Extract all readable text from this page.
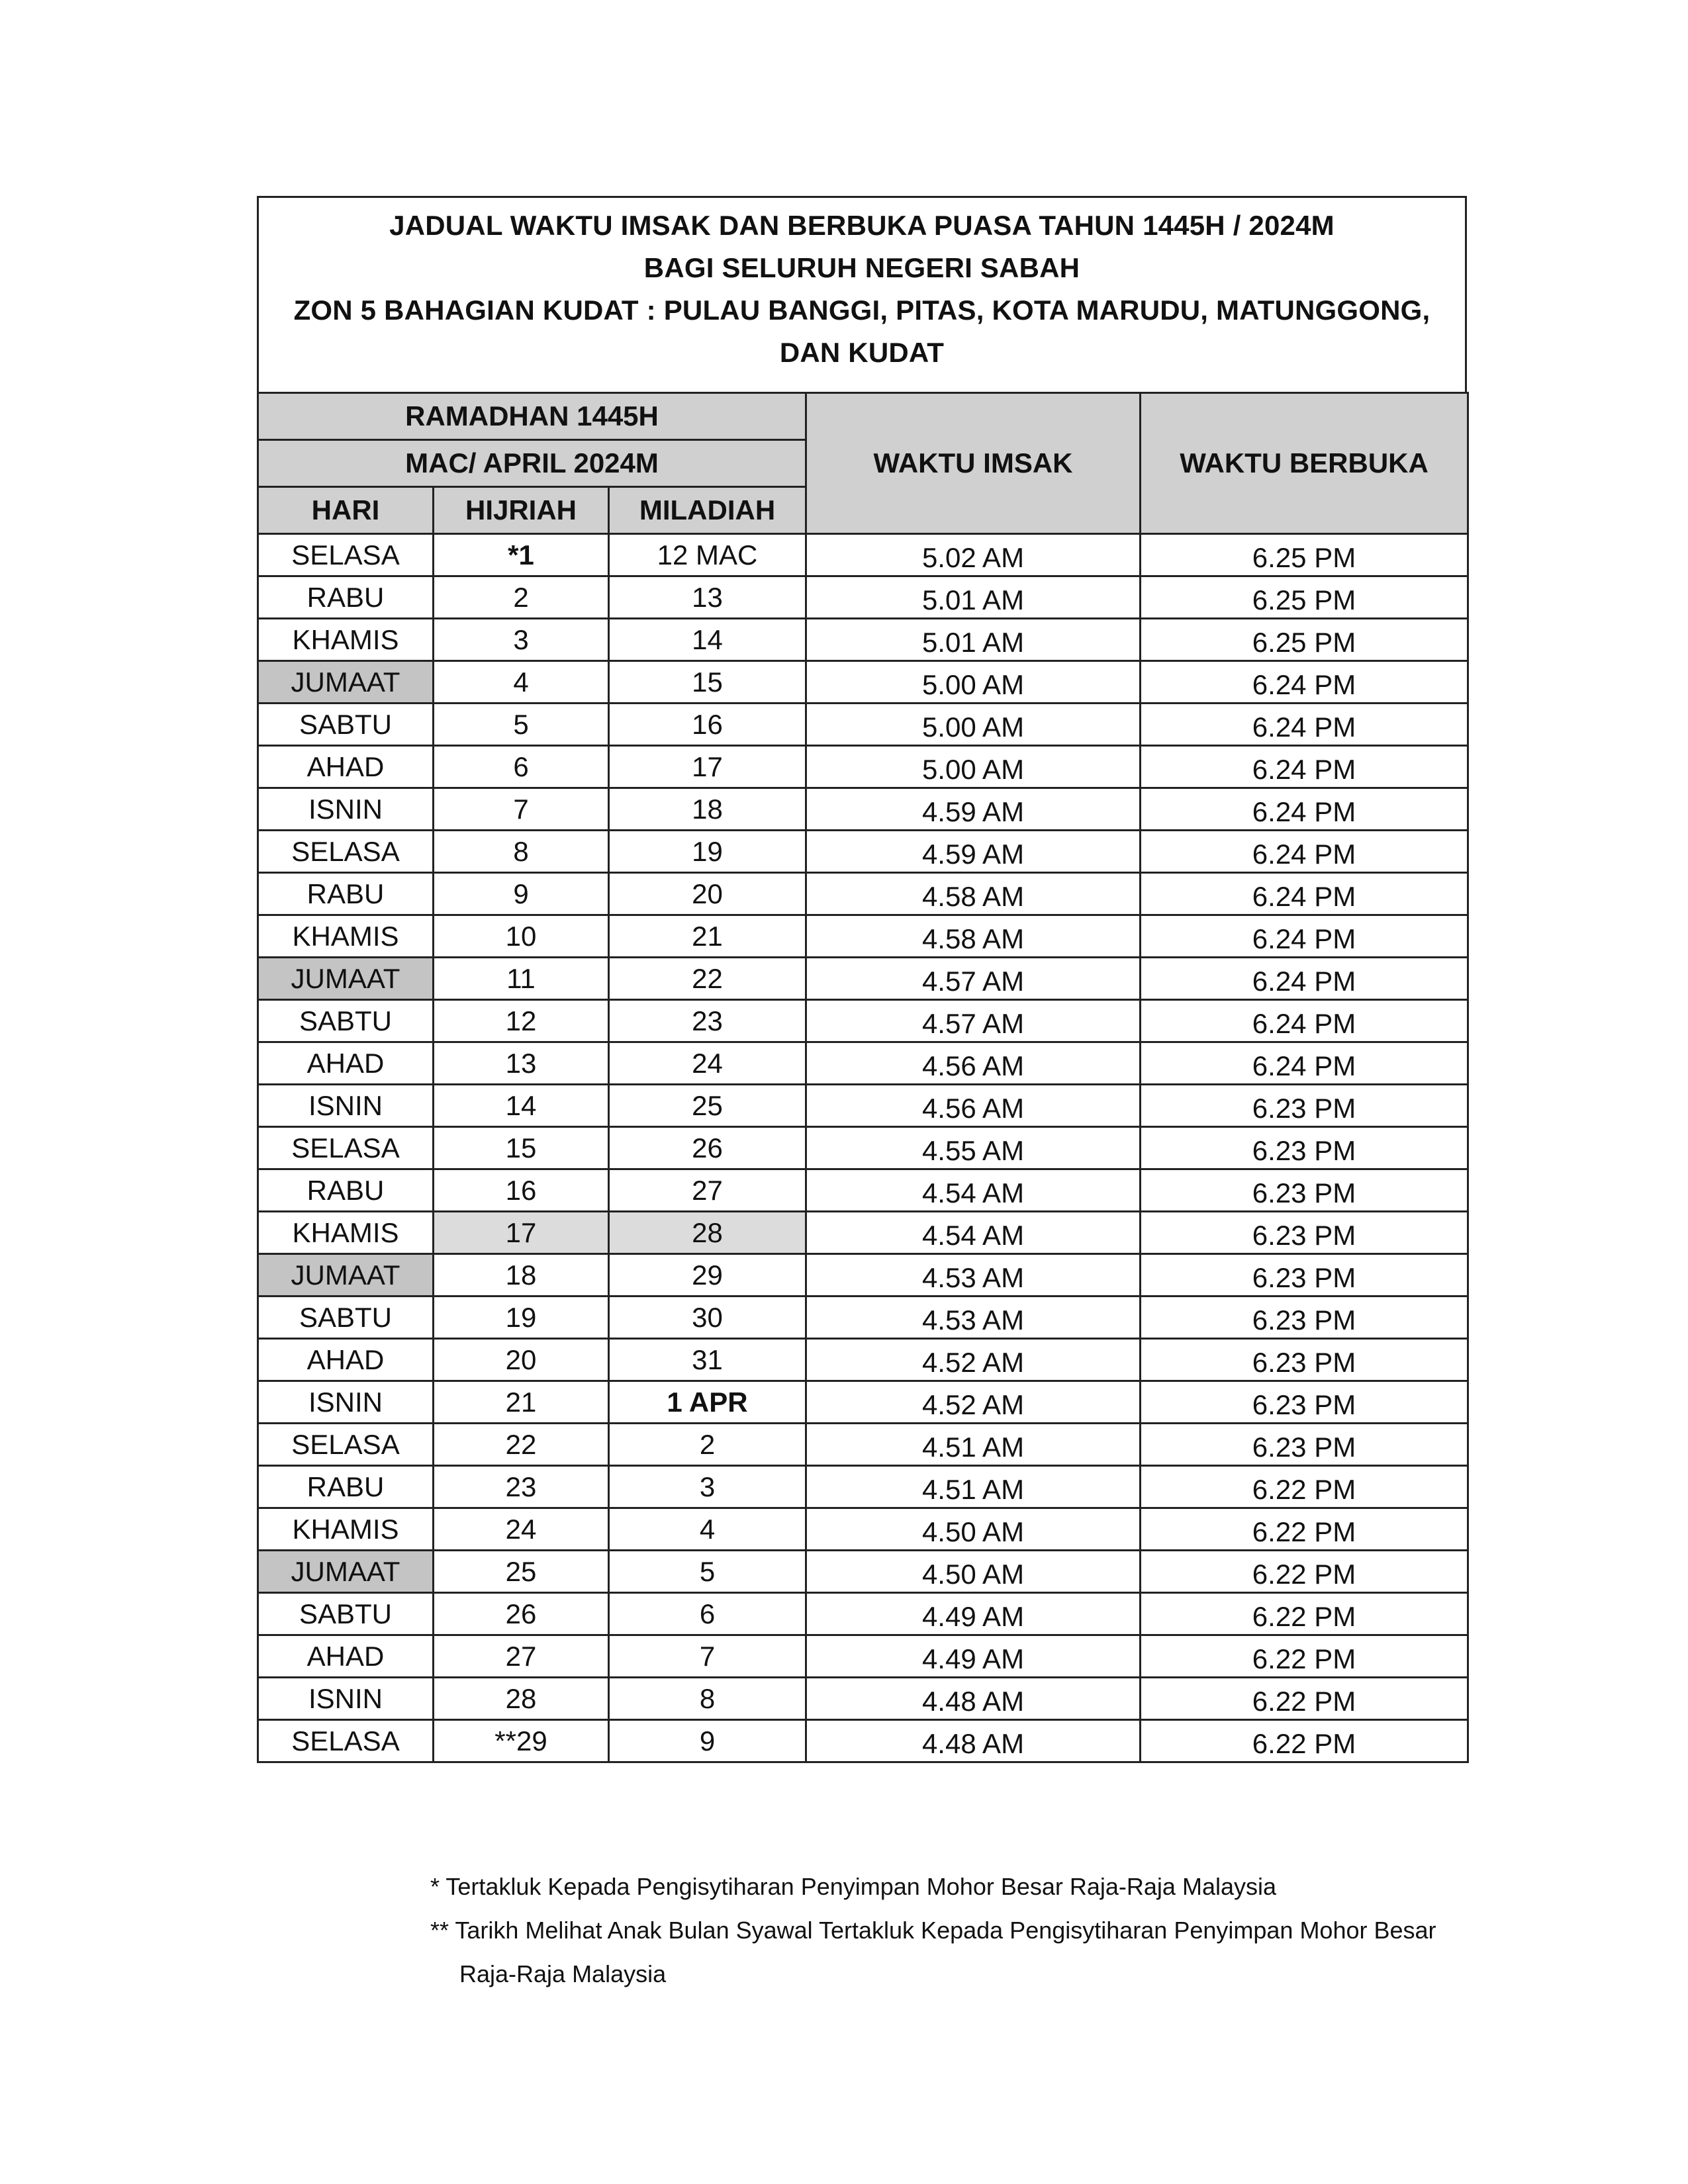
JADUAL WAKTU IMSAK DAN BERBUKA PUASA TAHUN 1445H / 2024M
BAGI SELURUH NEGERI SABAH
ZON 5 BAHAGIAN KUDAT : PULAU BANGGI, PITAS, KOTA MARUDU, MATUNGGONG,
DAN KUDAT
RAMADHAN 1445H			WAKTU IMSAK	WAKTU BERBUKA
MAC/ APRIL 2024M				
HARI	HIJRIAH	MILADIAH		
SELASA	*1	12 MAC	5.02 AM	6.25 PM
RABU	2	13	5.01 AM	6.25 PM
KHAMIS	3	14	5.01 AM	6.25 PM
JUMAAT	4	15	5.00 AM	6.24 PM
SABTU	5	16	5.00 AM	6.24 PM
AHAD	6	17	5.00 AM	6.24 PM
ISNIN	7	18	4.59 AM	6.24 PM
SELASA	8	19	4.59 AM	6.24 PM
RABU	9	20	4.58 AM	6.24 PM
KHAMIS	10	21	4.58 AM	6.24 PM
JUMAAT	11	22	4.57 AM	6.24 PM
SABTU	12	23	4.57 AM	6.24 PM
AHAD	13	24	4.56 AM	6.24 PM
ISNIN	14	25	4.56 AM	6.23 PM
SELASA	15	26	4.55 AM	6.23 PM
RABU	16	27	4.54 AM	6.23 PM
KHAMIS	17	28	4.54 AM	6.23 PM
JUMAAT	18	29	4.53 AM	6.23 PM
SABTU	19	30	4.53 AM	6.23 PM
AHAD	20	31	4.52 AM	6.23 PM
ISNIN	21	1 APR	4.52 AM	6.23 PM
SELASA	22	2	4.51 AM	6.23 PM
RABU	23	3	4.51 AM	6.22 PM
KHAMIS	24	4	4.50 AM	6.22 PM
JUMAAT	25	5	4.50 AM	6.22 PM
SABTU	26	6	4.49 AM	6.22 PM
AHAD	27	7	4.49 AM	6.22 PM
ISNIN	28	8	4.48 AM	6.22 PM
SELASA	**29	9	4.48 AM	6.22 PM
* Tertakluk Kepada Pengisytiharan Penyimpan Mohor Besar Raja-Raja Malaysia
** Tarikh Melihat Anak Bulan Syawal Tertakluk Kepada Pengisytiharan Penyimpan Mohor Besar
Raja-Raja Malaysia
